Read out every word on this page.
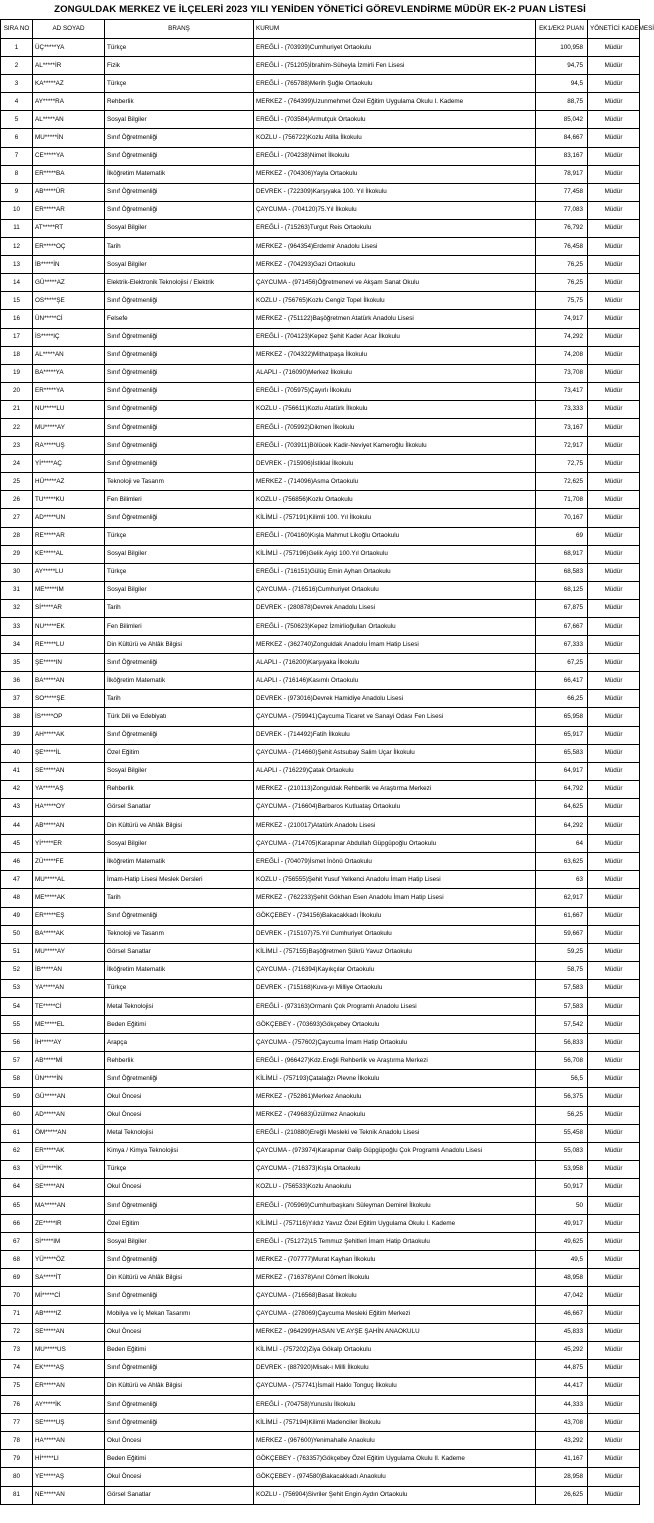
ZONGULDAK MERKEZ VE İLÇELERİ 2023 YILI YENİDEN YÖNETİCİ GÖREVLENDİRME MÜDÜR EK-2 PUAN LİSTESİ
SIRA NO	AD SOYAD	BRANŞ	KURUM	EK1/EK2 PUAN	YÖNETİCİ KADEMESİ
1	ÜÇ*****YA	Türkçe	EREĞLİ - (703939)Cumhuriyet Ortaokulu	100,958	Müdür
2	AL*****İR	Fizik	EREĞLİ - (751205)İbrahim-Süheyla İzmirli Fen Lisesi	94,75	Müdür
3	KA*****AZ	Türkçe	EREĞLİ - (765788)Merih Şuğle Ortaokulu	94,5	Müdür
4	AY*****RA	Rehberlik	MERKEZ - (764399)Uzunmehmet Özel Eğitim Uygulama Okulu I. Kademe	88,75	Müdür
5	AL*****AN	Sosyal Bilgiler	EREĞLİ - (703584)Armutçuk Ortaokulu	85,042	Müdür
6	MU*****İN	Sınıf Öğretmenliği	KOZLU - (756722)Kozlu Atilla İlkokulu	84,667	Müdür
7	CE*****YA	Sınıf Öğretmenliği	EREĞLİ - (704238)Nimet İlkokulu	83,167	Müdür
8	ER*****BA	İlköğretim Matematik	MERKEZ - (704306)Yayla Ortaokulu	78,917	Müdür
9	AB*****ÜR	Sınıf Öğretmenliği	DEVREK - (722309)Karşıyaka 100. Yıl İlkokulu	77,458	Müdür
10	ER*****AR	Sınıf Öğretmenliği	ÇAYCUMA - (704120)75.Yıl İlkokulu	77,083	Müdür
11	AT*****RT	Sosyal Bilgiler	EREĞLİ - (715263)Turgut Reis Ortaokulu	76,792	Müdür
12	ER*****OÇ	Tarih	MERKEZ - (964354)Erdemir Anadolu Lisesi	76,458	Müdür
13	İB*****İN	Sosyal Bilgiler	MERKEZ - (704293)Gazi Ortaokulu	76,25	Müdür
14	GÜ*****AZ	Elektrik-Elektronik Teknolojisi / Elektrik	ÇAYCUMA - (971456)Öğretmenevi ve Akşam Sanat Okulu	76,25	Müdür
15	OS*****ŞE	Sınıf Öğretmenliği	KOZLU - (756765)Kozlu Cengiz Topel İlkokulu	75,75	Müdür
16	ÜN*****Cİ	Felsefe	MERKEZ - (751122)Başöğretmen Atatürk Anadolu Lisesi	74,917	Müdür
17	İS*****IÇ	Sınıf Öğretmenliği	EREĞLİ - (704123)Kepez Şehit Kader Acar İlkokulu	74,292	Müdür
18	AL*****AN	Sınıf Öğretmenliği	MERKEZ - (704322)Mithatpaşa İlkokulu	74,208	Müdür
19	BA*****YA	Sınıf Öğretmenliği	ALAPLI - (716090)Merkez İlkokulu	73,708	Müdür
20	ER*****YA	Sınıf Öğretmenliği	EREĞLİ - (705975)Çayırlı İlkokulu	73,417	Müdür
21	NU*****LU	Sınıf Öğretmenliği	KOZLU - (756611)Kozlu Atatürk İlkokulu	73,333	Müdür
22	MU*****AY	Sınıf Öğretmenliği	EREĞLİ - (705992)Dikmen İlkokulu	73,167	Müdür
23	RA*****UŞ	Sınıf Öğretmenliği	EREĞLİ - (703911)Bölücek Kadir-Neviyet Kameroğlu İlkokulu	72,917	Müdür
24	Yİ*****AÇ	Sınıf Öğretmenliği	DEVREK - (715906)İstiklal İlkokulu	72,75	Müdür
25	HÜ*****AZ	Teknoloji ve Tasarım	MERKEZ - (714096)Asma Ortaokulu	72,625	Müdür
26	TU*****KU	Fen Bilimleri	KOZLU - (756856)Kozlu Ortaokulu	71,708	Müdür
27	AD*****UN	Sınıf Öğretmenliği	KİLİMLİ - (757191)Kilimli 100. Yıl İlkokulu	70,167	Müdür
28	RE*****AR	Türkçe	EREĞLİ - (704160)Kışla Mahmut Likoğlu Ortaokulu	69	Müdür
29	KE*****AL	Sosyal Bilgiler	KİLİMLİ - (757196)Gelik Ayiçi 100.Yıl Ortaokulu	68,917	Müdür
30	AY*****LU	Türkçe	EREĞLİ - (716151)Gülüç Emin Ayhan Ortaokulu	68,583	Müdür
31	ME*****IM	Sosyal Bilgiler	ÇAYCUMA - (716516)Cumhuriyet Ortaokulu	68,125	Müdür
32	Sİ*****AR	Tarih	DEVREK - (280878)Devrek Anadolu Lisesi	67,875	Müdür
33	NU*****EK	Fen Bilimleri	EREĞLİ - (750623)Kepez İzmirlioğulları Ortaokulu	67,667	Müdür
34	RE*****LU	Din Kültürü ve Ahlâk Bilgisi	MERKEZ - (362740)Zonguldak Anadolu İmam Hatip Lisesi	67,333	Müdür
35	ŞE*****IN	Sınıf Öğretmenliği	ALAPLI - (716200)Karşıyaka İlkokulu	67,25	Müdür
36	BA*****AN	İlköğretim Matematik	ALAPLI - (716146)Kasımlı Ortaokulu	66,417	Müdür
37	SO*****ŞE	Tarih	DEVREK - (973016)Devrek Hamidiye Anadolu Lisesi	66,25	Müdür
38	İS*****OP	Türk Dili ve Edebiyatı	ÇAYCUMA - (759941)Çaycuma Ticaret ve Sanayi Odası Fen Lisesi	65,958	Müdür
39	AH*****AK	Sınıf Öğretmenliği	DEVREK - (714492)Fatih İlkokulu	65,917	Müdür
40	ŞE*****İL	Özel Eğitim	ÇAYCUMA - (714660)Şehit Astsubay Salim Uçar İlkokulu	65,583	Müdür
41	SE*****AN	Sosyal Bilgiler	ALAPLI - (716229)Çatak Ortaokulu	64,917	Müdür
42	YA*****AŞ	Rehberlik	MERKEZ - (210113)Zonguldak Rehberlik ve Araştırma Merkezi	64,792	Müdür
43	HA*****OY	Görsel Sanatlar	ÇAYCUMA - (716604)Barbaros Kutluataş Ortaokulu	64,625	Müdür
44	AB*****AN	Din Kültürü ve Ahlâk Bilgisi	MERKEZ - (210017)Atatürk Anadolu Lisesi	64,292	Müdür
45	Yİ*****ER	Sosyal Bilgiler	ÇAYCUMA - (714705)Karapınar Abdullah Güpgüpoğlu Ortaokulu	64	Müdür
46	ZÜ*****FE	İlköğretim Matematik	EREĞLİ - (704079)İsmet İnönü Ortaokulu	63,625	Müdür
47	MU*****AL	İmam-Hatip Lisesi Meslek Dersleri	KOZLU - (756555)Şehit Yusuf Yelkenci Anadolu İmam Hatip Lisesi	63	Müdür
48	ME*****AK	Tarih	MERKEZ - (762233)Şehit Gökhan Esen Anadolu İmam Hatip Lisesi	62,917	Müdür
49	ER*****EŞ	Sınıf Öğretmenliği	GÖKÇEBEY - (734156)Bakacakkadı İlkokulu	61,667	Müdür
50	BA*****AK	Teknoloji ve Tasarım	DEVREK - (715107)75.Yıl Cumhuriyet Ortaokulu	59,667	Müdür
51	MU*****AY	Görsel Sanatlar	KİLİMLİ - (757155)Başöğretmen Şükrü Yavuz Ortaokulu	59,25	Müdür
52	İB*****AN	İlköğretim Matematik	ÇAYCUMA - (716394)Kayıkçılar Ortaokulu	58,75	Müdür
53	YA*****AN	Türkçe	DEVREK - (715168)Kuva-yı Milliye Ortaokulu	57,583	Müdür
54	TE*****Cİ	Metal Teknolojisi	EREĞLİ - (973163)Ormanlı Çok Programlı Anadolu Lisesi	57,583	Müdür
55	ME*****EL	Beden Eğitimi	GÖKÇEBEY - (703693)Gökçebey Ortaokulu	57,542	Müdür
56	İH*****AY	Arapça	ÇAYCUMA - (757602)Çaycuma İmam Hatip Ortaokulu	56,833	Müdür
57	AB*****Mİ	Rehberlik	EREĞLİ - (966427)Kdz.Ereğli Rehberlik ve Araştırma Merkezi	56,708	Müdür
58	ÜN*****İN	Sınıf Öğretmenliği	KİLİMLİ - (757193)Çatalağzı Plevne İlkokulu	56,5	Müdür
59	GÜ*****AN	Okul Öncesi	MERKEZ - (752861)Merkez Anaokulu	56,375	Müdür
60	AD*****AN	Okul Öncesi	MERKEZ - (749683)Üzülmez Anaokulu	56,25	Müdür
61	ÖM*****AN	Metal Teknolojisi	EREĞLİ - (210880)Ereğli Mesleki ve Teknik Anadolu Lisesi	55,458	Müdür
62	ER*****AK	Kimya / Kimya Teknolojisi	ÇAYCUMA - (973974)Karapınar Galip Güpgüpoğlu Çok Programlı Anadolu Lisesi	55,083	Müdür
63	YÜ*****İK	Türkçe	ÇAYCUMA - (716373)Kışla Ortaokulu	53,958	Müdür
64	SE*****AN	Okul Öncesi	KOZLU - (756533)Kozlu Anaokulu	50,917	Müdür
65	MA*****AN	Sınıf Öğretmenliği	EREĞLİ - (705969)Cumhurbaşkanı Süleyman Demirel İlkokulu	50	Müdür
66	ZE*****IR	Özel Eğitim	KİLİMLİ - (757116)Yıldız Yavuz Özel Eğitim Uygulama Okulu I. Kademe	49,917	Müdür
67	Sİ*****IM	Sosyal Bilgiler	EREĞLİ - (751272)15 Temmuz Şehitleri İmam Hatip Ortaokulu	49,625	Müdür
68	YÜ*****ÖZ	Sınıf Öğretmenliği	MERKEZ - (707777)Murat Kayhan İlkokulu	49,5	Müdür
69	SA*****İT	Din Kültürü ve Ahlâk Bilgisi	MERKEZ - (716378)Anıl Cömert İlkokulu	48,958	Müdür
70	Mİ*****Cİ	Sınıf Öğretmenliği	ÇAYCUMA - (716568)Basat İlkokulu	47,042	Müdür
71	AB*****IZ	Mobilya ve İç Mekan Tasarımı	ÇAYCUMA - (278069)Çaycuma Mesleki Eğitim Merkezi	46,667	Müdür
72	SE*****AN	Okul Öncesi	MERKEZ - (964299)HASAN VE AYŞE ŞAHİN ANAOKULU	45,833	Müdür
73	MU*****US	Beden Eğitimi	KİLİMLİ - (757202)Ziya Gökalp Ortaokulu	45,292	Müdür
74	EK*****AŞ	Sınıf Öğretmenliği	DEVREK - (887920)Misak-ı Milli İlkokulu	44,875	Müdür
75	ER*****AN	Din Kültürü ve Ahlâk Bilgisi	ÇAYCUMA - (757741)İsmail Hakkı Tonguç İlkokulu	44,417	Müdür
76	AY*****İK	Sınıf Öğretmenliği	EREĞLİ - (704758)Yunuslu İlkokulu	44,333	Müdür
77	SE*****UŞ	Sınıf Öğretmenliği	KİLİMLİ - (757194)Kilimli Madenciler İlkokulu	43,708	Müdür
78	HA*****AN	Okul Öncesi	MERKEZ - (967600)Yenimahalle Anaokulu	43,292	Müdür
79	Hİ*****LI	Beden Eğitimi	GÖKÇEBEY - (763357)Gökçebey Özel Eğitim Uygulama Okulu II. Kademe	41,167	Müdür
80	YE*****AŞ	Okul Öncesi	GÖKÇEBEY - (974580)Bakacakkadı Anaokulu	28,958	Müdür
81	NE*****AN	Görsel Sanatlar	KOZLU - (756904)Sivriler Şehit Engin Aydın Ortaokulu	26,625	Müdür
